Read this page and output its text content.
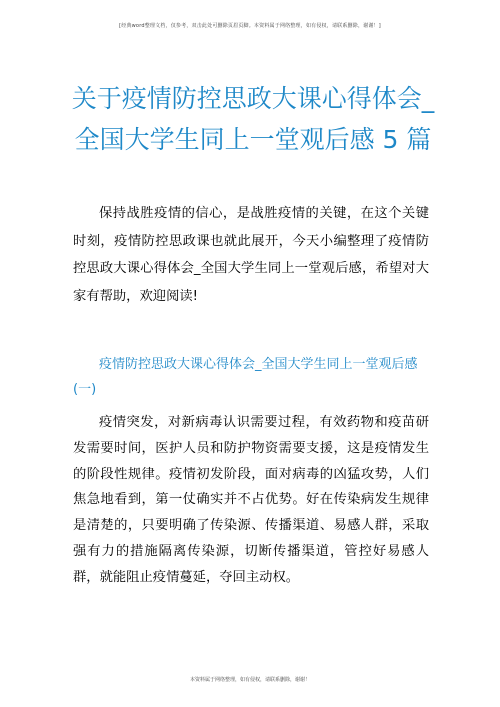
[经典word整理文档，仅参考，双击此处可删除页眉页脚。本资料属于网络整理，如有侵权，请联系删除，谢谢！]
关于疫情防控思政大课心得体会_全国大学生同上一堂观后感 5 篇

保持战胜疫情的信心，是战胜疫情的关键，在这个关键时刻，疫情防控思政课也就此展开，今天小编整理了疫情防控思政大课心得体会_全国大学生同上一堂观后感，希望对大家有帮助，欢迎阅读!

疫情防控思政大课心得体会_全国大学生同上一堂观后感(一)

疫情突发，对新病毒认识需要过程，有效药物和疫苗研发需要时间，医护人员和防护物资需要支援，这是疫情发生的阶段性规律。疫情初发阶段，面对病毒的凶猛攻势，人们焦急地看到，第一仗确实并不占优势。好在传染病发生规律是清楚的，只要明确了传染源、传播渠道、易感人群，采取强有力的措施隔离传染源，切断传播渠道，管控好易感人群，就能阻止疫情蔓延，夺回主动权。

本资料属于网络整理，如有侵权，请联系删除，谢谢！
